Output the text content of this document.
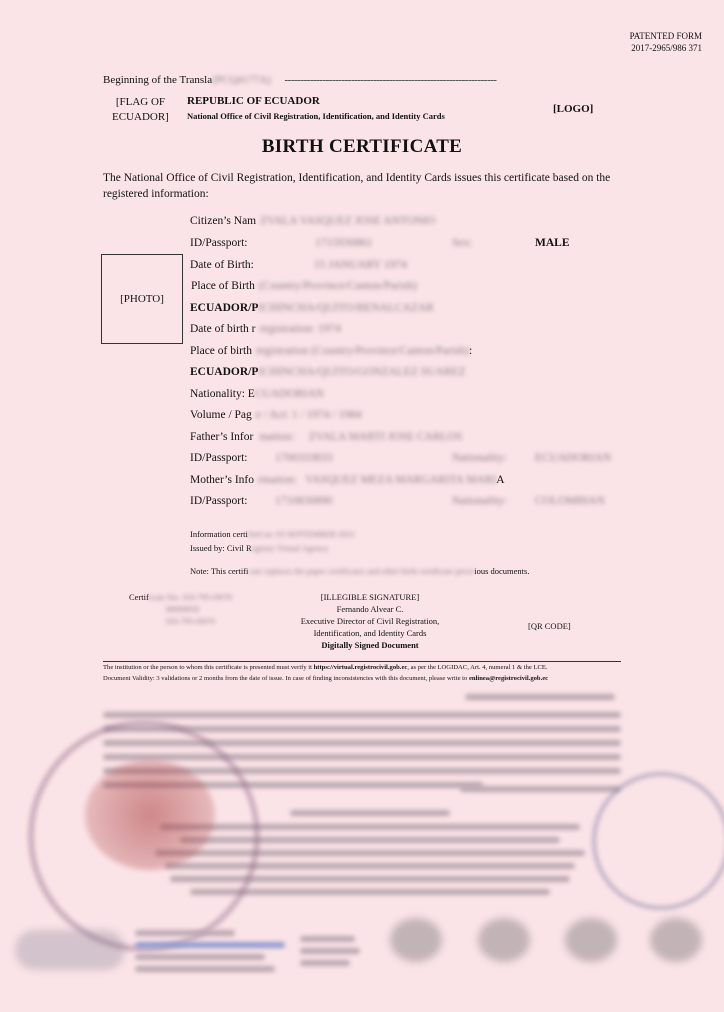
PATENTED FORM
2017-2965/986 371
Beginning of the Transla(PCQ4177A)     -------------------------------------------------------------------
[FLAG OF
ECUADOR]
REPUBLIC OF ECUADOR
National Office of Civil Registration, Identification, and Identity Cards
[LOGO]
BIRTH CERTIFICATE
The National Office of Civil Registration, Identification, and Identity Cards issues this certificate based on the registered information:
[PHOTO]
Citizen’s Nam ZVALA VASQUEZ JOSE ANTONIO
ID/Passport:	1715930861	Sex:	MALE
Date of Birth:	15 JANUARY 1974
Place of Birth (Country/Province/Canton/Parish)
ECUADOR/PICHINCHA/QUITO/BENALCAZAR
Date of birth r registration: 1974
Place of birth registration (Country/Province/Canton/Parish):
ECUADOR/PICHINCHA/QUITO/GONZALEZ SUAREZ
Nationality: ECUADORIAN
Volume / Pag e / Act: 1 / 1974 / 1984
Father’s Infor mation:     ZVALA MARTI JOSE CARLOS
ID/Passport: 1700333833	Nationality: ECUADORIAN
Mother’s Info rmation:   VASQUEZ MEZA MARGARITA MARIA
ID/Passport: 1710830890	Nationality: COLOMBIAN
Information certified on: 03 SEPTEMBER 2021
Issued by: Civil Registry Virtual Agency
Note: This certificate replaces the paper certificates and other birth certificate preveious documents.
Certificate No: 103-795-D070
38990959
103-795-D070
[ILLEGIBLE SIGNATURE]
Fernando Alvear C.
Executive Director of Civil Registration,
Identification, and Identity Cards
Digitally Signed Document
[QR CODE]
The institution or the person to whom this certificate is presented must verify it https://virtual.registrocivil.gob.ec, as per the LOGIDAC, Art. 4, numeral 1 & the LCE.
Document Validity: 3 validations or 2 months from the date of issue. In case of finding inconsistencies with this document, please write to enlinea@registrocivil.gob.ec
